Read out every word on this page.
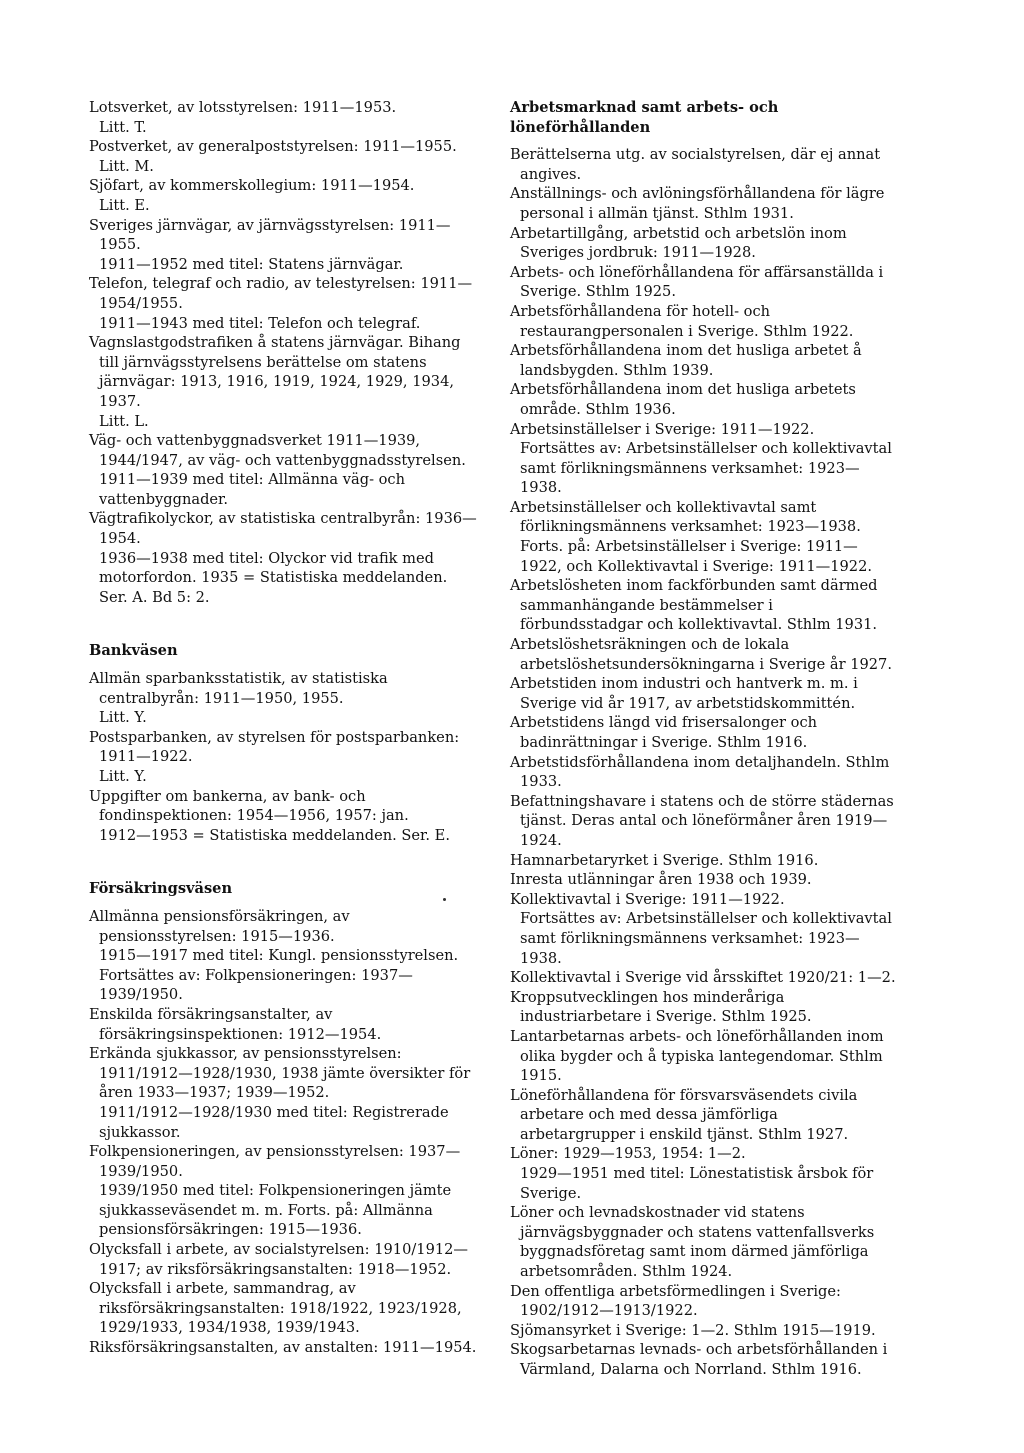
Lotsverket, av lotsstyrelsen: 1911—1953.

Litt. T.

Postverket, av generalpoststyrelsen: 1911—1955.

Litt. M.

Sjöfart, av kommerskollegium: 1911—1954.

Litt. E.

Sveriges järnvägar, av järnvägsstyrelsen: 1911—1955.

1911—1952 med titel: Statens järnvägar.

Telefon, telegraf och radio, av telestyrelsen: 1911—1954/1955.

1911—1943 med titel: Telefon och telegraf.

Vagnslastgodstrafiken å statens järnvägar. Bihang till järnvägsstyrelsens berättelse om statens järnvägar: 1913, 1916, 1919, 1924, 1929, 1934, 1937.

Litt. L.

Väg- och vattenbyggnadsverket 1911—1939, 1944/1947, av väg- och vattenbyggnadsstyrelsen.

1911—1939 med titel: Allmänna väg- och vattenbyggnader.

Vägtrafikolyckor, av statistiska centralbyrån: 1936—1954.

1936—1938 med titel: Olyckor vid trafik med motorfordon. 1935 = Statistiska meddelanden. Ser. A. Bd 5: 2.

Bankväsen

Allmän sparbanksstatistik, av statistiska centralbyrån: 1911—1950, 1955.

Litt. Y.

Postsparbanken, av styrelsen för postsparbanken: 1911—1922.

Litt. Y.

Uppgifter om bankerna, av bank- och fondinspektionen: 1954—1956, 1957: jan.

1912—1953 = Statistiska meddelanden. Ser. E.

Försäkringsväsen

Allmänna pensionsförsäkringen, av pensionsstyrelsen: 1915—1936.

1915—1917 med titel: Kungl. pensionsstyrelsen. Fortsättes av: Folkpensioneringen: 1937—1939/1950.

Enskilda försäkringsanstalter, av försäkringsinspektionen: 1912—1954.

Erkända sjukkassor, av pensionsstyrelsen: 1911/1912—1928/1930, 1938 jämte översikter för åren 1933—1937; 1939—1952.

1911/1912—1928/1930 med titel: Registrerade sjukkassor.

Folkpensioneringen, av pensionsstyrelsen: 1937—1939/1950.

1939/1950 med titel: Folkpensioneringen jämte sjukkasseväsendet m. m. Forts. på: Allmänna pensionsförsäkringen: 1915—1936.

Olycksfall i arbete, av socialstyrelsen: 1910/1912—1917; av riksförsäkringsanstalten: 1918—1952.

Olycksfall i arbete, sammandrag, av riksförsäkringsanstalten: 1918/1922, 1923/1928, 1929/1933, 1934/1938, 1939/1943.

Riksförsäkringsanstalten, av anstalten: 1911—1954.

Arbetsmarknad samt arbets- och löneförhållanden

Berättelserna utg. av socialstyrelsen, där ej annat angives.

Anställnings- och avlöningsförhållandena för lägre personal i allmän tjänst. Sthlm 1931.

Arbetartillgång, arbetstid och arbetslön inom Sveriges jordbruk: 1911—1928.

Arbets- och löneförhållandena för affärsanställda i Sverige. Sthlm 1925.

Arbetsförhållandena för hotell- och restaurangpersonalen i Sverige. Sthlm 1922.

Arbetsförhållandena inom det husliga arbetet å landsbygden. Sthlm 1939.

Arbetsförhållandena inom det husliga arbetets område. Sthlm 1936.

Arbetsinställelser i Sverige: 1911—1922.

Fortsättes av: Arbetsinställelser och kollektivavtal samt förlikningsmännens verksamhet: 1923—1938.

Arbetsinställelser och kollektivavtal samt förlikningsmännens verksamhet: 1923—1938.

Forts. på: Arbetsinställelser i Sverige: 1911—1922, och Kollektivavtal i Sverige: 1911—1922.

Arbetslösheten inom fackförbunden samt därmed sammanhängande bestämmelser i förbundsstadgar och kollektivavtal. Sthlm 1931.

Arbetslöshetsräkningen och de lokala arbetslöshetsundersökningarna i Sverige år 1927.

Arbetstiden inom industri och hantverk m. m. i Sverige vid år 1917, av arbetstidskommittén.

Arbetstidens längd vid frisersalonger och badinrättningar i Sverige. Sthlm 1916.

Arbetstidsförhållandena inom detaljhandeln. Sthlm 1933.

Befattningshavare i statens och de större städernas tjänst. Deras antal och löneförmåner åren 1919—1924.

Hamnarbetaryrket i Sverige. Sthlm 1916.

Inresta utlänningar åren 1938 och 1939.

Kollektivavtal i Sverige: 1911—1922.

Fortsättes av: Arbetsinställelser och kollektivavtal samt förlikningsmännens verksamhet: 1923—1938.

Kollektivavtal i Sverige vid årsskiftet 1920/21: 1—2.

Kroppsutvecklingen hos minderåriga industriarbetare i Sverige. Sthlm 1925.

Lantarbetarnas arbets- och löneförhållanden inom olika bygder och å typiska lantegendomar. Sthlm 1915.

Löneförhållandena för försvarsväsendets civila arbetare och med dessa jämförliga arbetargrupper i enskild tjänst. Sthlm 1927.

Löner: 1929—1953, 1954: 1—2.

1929—1951 med titel: Lönestatistisk årsbok för Sverige.

Löner och levnadskostnader vid statens järnvägsbyggnader och statens vattenfallsverks byggnadsföretag samt inom därmed jämförliga arbetsområden. Sthlm 1924.

Den offentliga arbetsförmedlingen i Sverige: 1902/1912—1913/1922.

Sjömansyrket i Sverige: 1—2. Sthlm 1915—1919.

Skogsarbetarnas levnads- och arbetsförhållanden i Värmland, Dalarna och Norrland. Sthlm 1916.
